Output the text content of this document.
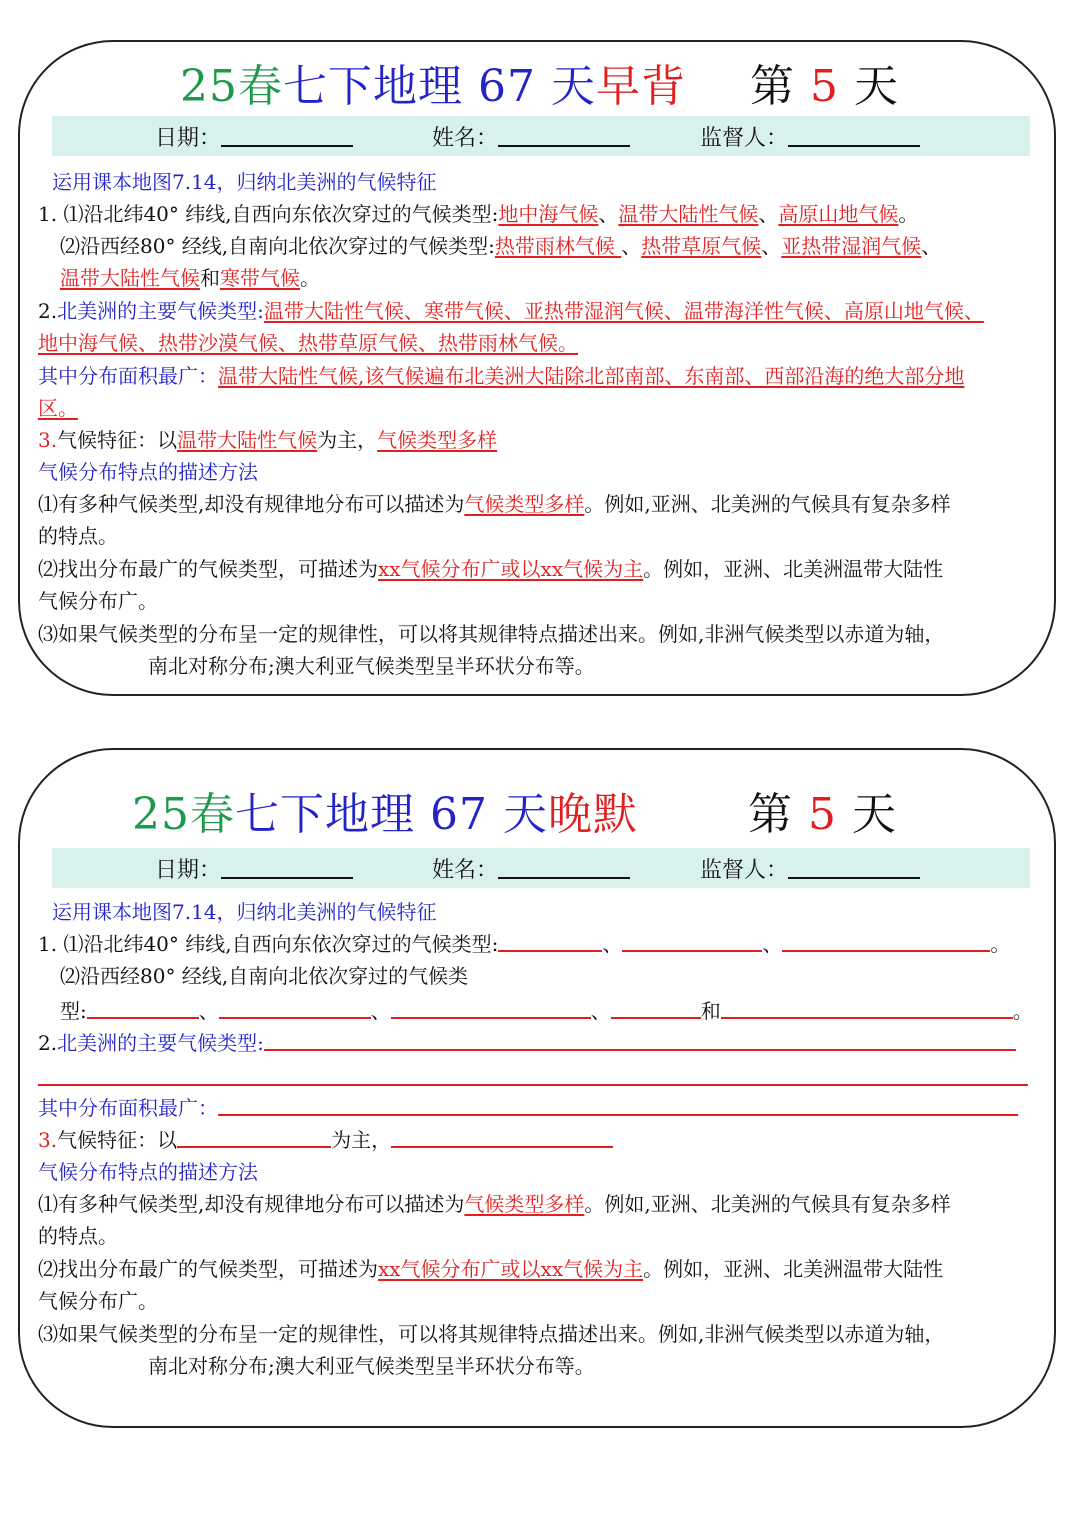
25春七下地理 67 天早背 第 5 天
日期：	姓名：	监督人：
运用课本地图7.14，归纳北美洲的气候特征
1. ⑴沿北纬40° 纬线,自西向东依次穿过的气候类型:地中海气候、温带大陆性气候、高原山地气候。
⑵沿西经80° 经线,自南向北依次穿过的气候类型:热带雨林气候 、热带草原气候、亚热带湿润气候、
温带大陆性气候和寒带气候。
2.北美洲的主要气候类型:温带大陆性气候、寒带气候、亚热带湿润气候、温带海洋性气候、高原山地气候、
地中海气候、热带沙漠气候、热带草原气候、热带雨林气候。
其中分布面积最广：温带大陆性气候,该气候遍布北美洲大陆除北部南部、东南部、西部沿海的绝大部分地
区。
3.气候特征：以温带大陆性气候为主，气候类型多样
气候分布特点的描述方法
⑴有多种气候类型,却没有规律地分布可以描述为气候类型多样。例如,亚洲、北美洲的气候具有复杂多样
的特点。
⑵找出分布最广的气候类型，可描述为xx气候分布广或以xx气候为主。例如，亚洲、北美洲温带大陆性
气候分布广。
⑶如果气候类型的分布呈一定的规律性，可以将其规律特点描述出来。例如,非洲气候类型以赤道为轴，
南北对称分布;澳大利亚气候类型呈半环状分布等。
25春七下地理 67 天晚默	第 5 天
日期：	姓名：	监督人：
运用课本地图7.14，归纳北美洲的气候特征
1. ⑴沿北纬40° 纬线,自西向东依次穿过的气候类型:	、	、	。
⑵沿西经80° 经线,自南向北依次穿过的气候类
型:	、	、	、	和	。
2.北美洲的主要气候类型:
其中分布面积最广：
3.气候特征：以	为主，
气候分布特点的描述方法
⑴有多种气候类型,却没有规律地分布可以描述为气候类型多样。例如,亚洲、北美洲的气候具有复杂多样
的特点。
⑵找出分布最广的气候类型，可描述为xx气候分布广或以xx气候为主。例如，亚洲、北美洲温带大陆性
气候分布广。
⑶如果气候类型的分布呈一定的规律性，可以将其规律特点描述出来。例如,非洲气候类型以赤道为轴，
南北对称分布;澳大利亚气候类型呈半环状分布等。
